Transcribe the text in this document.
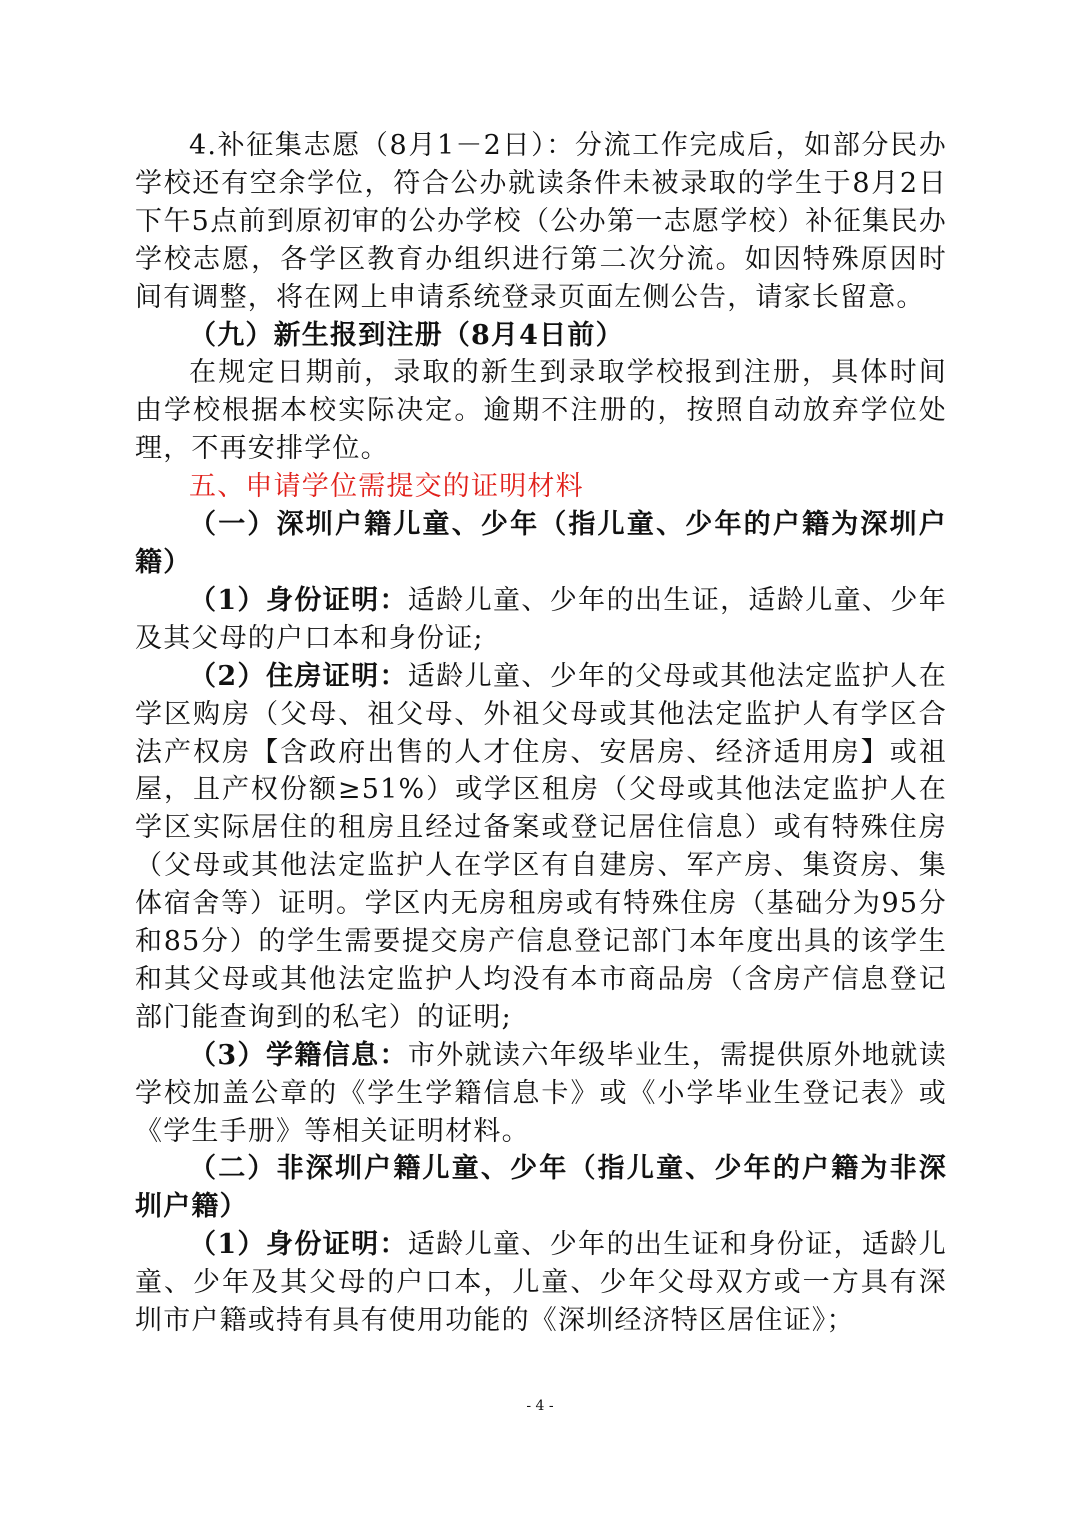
4.补征集志愿（8月1－2日）：分流工作完成后，如部分民办学校还有空余学位，符合公办就读条件未被录取的学生于8月2日下午5点前到原初审的公办学校（公办第一志愿学校）补征集民办学校志愿，各学区教育办组织进行第二次分流。如因特殊原因时间有调整，将在网上申请系统登录页面左侧公告，请家长留意。

（九）新生报到注册（8月4日前）

在规定日期前，录取的新生到录取学校报到注册，具体时间由学校根据本校实际决定。逾期不注册的，按照自动放弃学位处理，不再安排学位。

五、申请学位需提交的证明材料

（一）深圳户籍儿童、少年（指儿童、少年的户籍为深圳户籍）

（1）身份证明：适龄儿童、少年的出生证，适龄儿童、少年及其父母的户口本和身份证;

（2）住房证明：适龄儿童、少年的父母或其他法定监护人在学区购房（父母、祖父母、外祖父母或其他法定监护人有学区合法产权房【含政府出售的人才住房、安居房、经济适用房】或祖屋，且产权份额≥51%）或学区租房（父母或其他法定监护人在学区实际居住的租房且经过备案或登记居住信息）或有特殊住房（父母或其他法定监护人在学区有自建房、军产房、集资房、集体宿舍等）证明。学区内无房租房或有特殊住房（基础分为95分和85分）的学生需要提交房产信息登记部门本年度出具的该学生和其父母或其他法定监护人均没有本市商品房（含房产信息登记部门能查询到的私宅）的证明;

（3）学籍信息：市外就读六年级毕业生，需提供原外地就读学校加盖公章的《学生学籍信息卡》或《小学毕业生登记表》或《学生手册》等相关证明材料。

（二）非深圳户籍儿童、少年（指儿童、少年的户籍为非深圳户籍）

（1）身份证明：适龄儿童、少年的出生证和身份证，适龄儿童、少年及其父母的户口本，儿童、少年父母双方或一方具有深圳市户籍或持有具有使用功能的《深圳经济特区居住证》；

- 4 -
